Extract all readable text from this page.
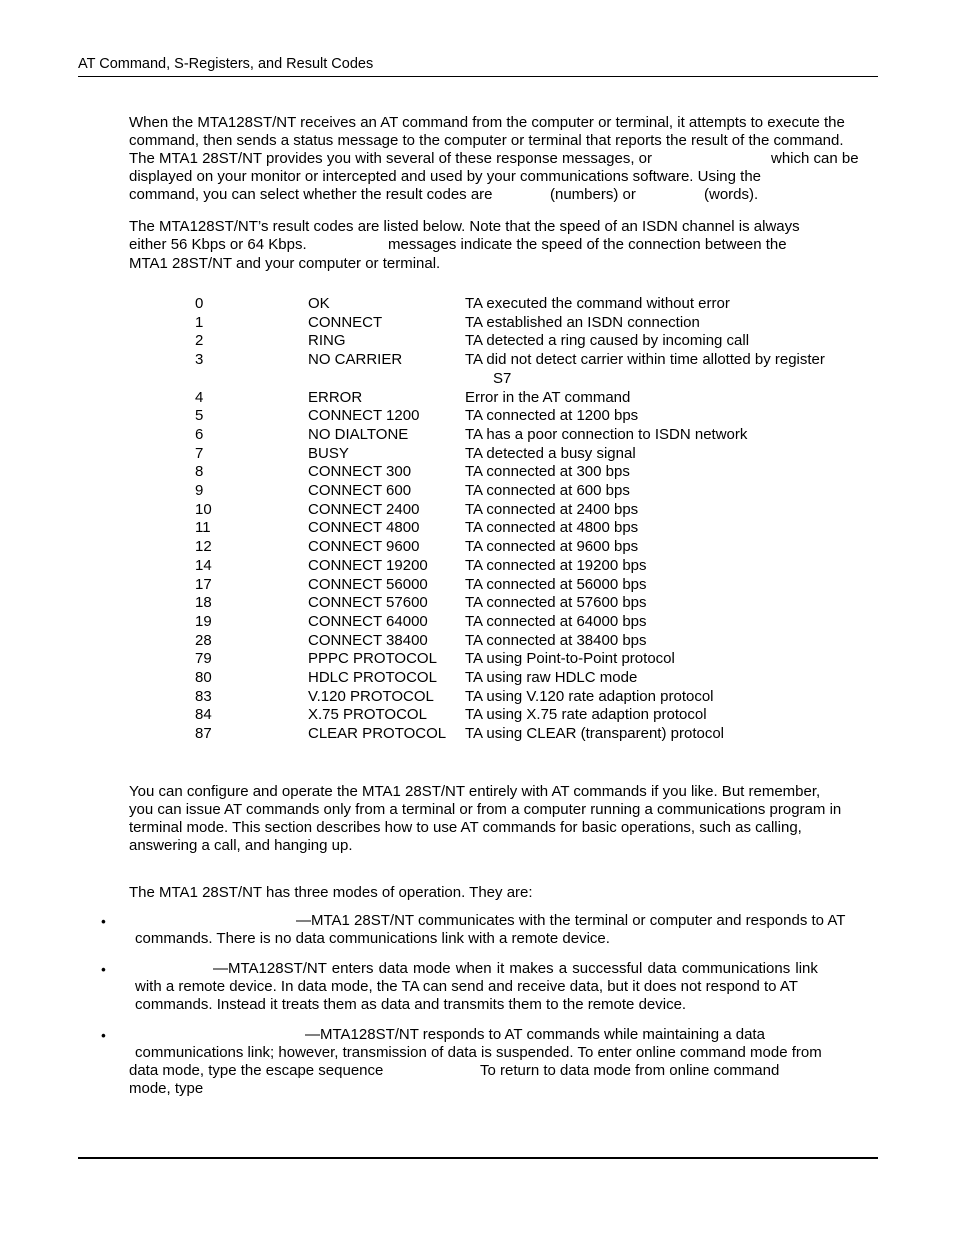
AT Command, S-Registers, and Result Codes
When the MTA128ST/NT receives an AT command from the computer or terminal, it attempts to execute the
command, then sends a status message to the computer or terminal that reports the result of the command.
The MTA1 28ST/NT provides you with several of these response messages, or	which can be
displayed on your monitor or intercepted and used by your communications software. Using the
command, you can select whether the result codes are	(numbers) or	(words).
The MTA128ST/NT’s result codes are listed below. Note that the speed of an ISDN channel is always
either 56 Kbps or 64 Kbps.	messages indicate the speed of the connection between the
MTA1 28ST/NT and your computer or terminal.
0	OK	TA executed the command without error
1	CONNECT	TA established an ISDN connection
2	RING	TA detected a ring caused by incoming call
3	NO CARRIER	TA did not detect carrier within time allotted by register
S7
4	ERROR	Error in the AT command
5	CONNECT 1200	TA connected at 1200 bps
6	NO DIALTONE	TA has a poor connection to ISDN network
7	BUSY	TA detected a busy signal
8	CONNECT 300	TA connected at 300 bps
9	CONNECT 600	TA connected at 600 bps
10	CONNECT 2400	TA connected at 2400 bps
11	CONNECT 4800	TA connected at 4800 bps
12	CONNECT 9600	TA connected at 9600 bps
14	CONNECT 19200 TA connected at 19200 bps
17	CONNECT 56000 TA connected at 56000 bps
18	CONNECT 57600 TA connected at 57600 bps
19	CONNECT 64000 TA connected at 64000 bps
28	CONNECT 38400 TA connected at 38400 bps
79	PPPC PROTOCOL TA using Point-to-Point protocol
80	HDLC PROTOCOL TA using raw HDLC mode
83	V.120 PROTOCOL TA using V.120 rate adaption protocol
84	X.75 PROTOCOL	TA using X.75 rate adaption protocol
87	CLEAR PROTOCOL TA using CLEAR (transparent) protocol
You can configure and operate the MTA1 28ST/NT entirely with AT commands if you like. But remember,
you can issue AT commands only from a terminal or from a computer running a communications program in
terminal mode. This section describes how to use AT commands for basic operations, such as calling,
answering a call, and hanging up.
The MTA1 28ST/NT has three modes of operation. They are:
•	—MTA1 28ST/NT communicates with the terminal or computer and responds to AT
commands. There is no data communications link with a remote device.
•	—MTA128ST/NT enters data mode when it makes a successful data communications link
with a remote device. In data mode, the TA can send and receive data, but it does not respond to AT
commands. Instead it treats them as data and transmits them to the remote device.
•	—MTA128ST/NT responds to AT commands while maintaining a data
communications link; however, transmission of data is suspended. To enter online command mode from
data mode, type the escape sequence	To return to data mode from online command
mode, type
